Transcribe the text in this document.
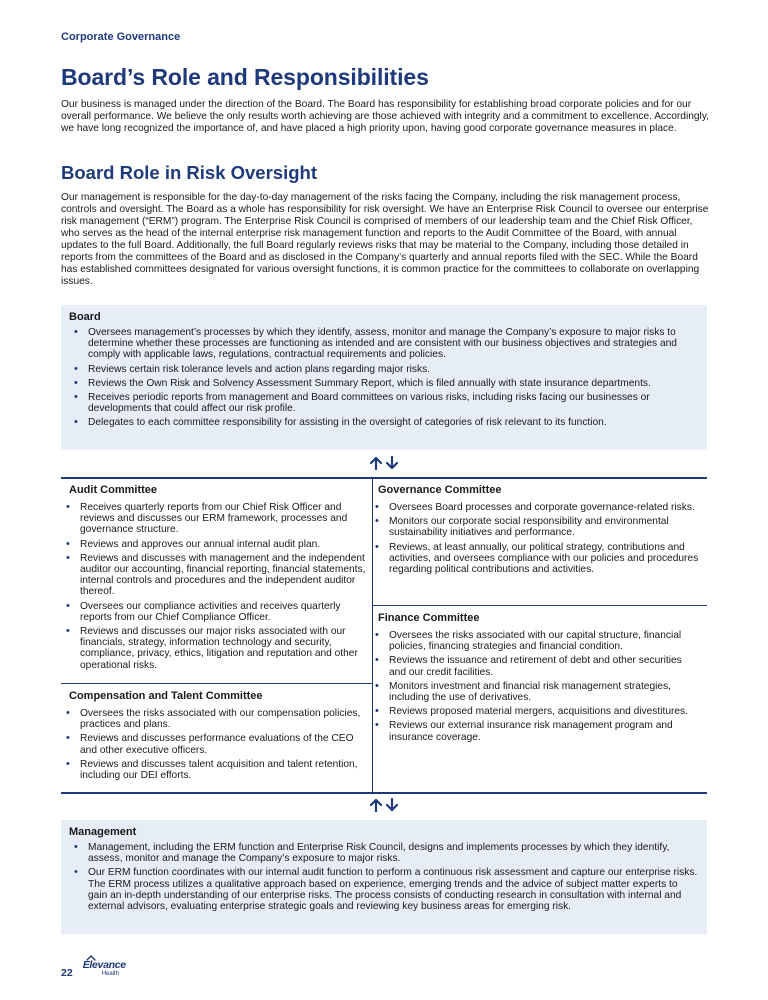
Corporate Governance
Board’s Role and Responsibilities

Our business is managed under the direction of the Board. The Board has responsibility for establishing broad corporate policies and for our overall performance. We believe the only results worth achieving are those achieved with integrity and a commitment to excellence. Accordingly, we have long recognized the importance of, and have placed a high priority upon, having good corporate governance measures in place.

Board Role in Risk Oversight

Our management is responsible for the day-to-day management of the risks facing the Company, including the risk management process, controls and oversight. The Board as a whole has responsibility for risk oversight. We have an Enterprise Risk Council to oversee our enterprise risk management (“ERM”) program. The Enterprise Risk Council is comprised of members of our leadership team and the Chief Risk Officer, who serves as the head of the internal enterprise risk management function and reports to the Audit Committee of the Board, with annual updates to the full Board. Additionally, the full Board regularly reviews risks that may be material to the Company, including those detailed in reports from the committees of the Board and as disclosed in the Company’s quarterly and annual reports filed with the SEC. While the Board has established committees designated for various oversight functions, it is common practice for the committees to collaborate on overlapping issues.

Board
• Oversees management’s processes by which they identify, assess, monitor and manage the Company’s exposure to major risks to determine whether these processes are functioning as intended and are consistent with our business objectives and strategies and comply with applicable laws, regulations, contractual requirements and policies.
• Reviews certain risk tolerance levels and action plans regarding major risks.
• Reviews the Own Risk and Solvency Assessment Summary Report, which is filed annually with state insurance departments.
• Receives periodic reports from management and Board committees on various risks, including risks facing our businesses or developments that could affect our risk profile.
• Delegates to each committee responsibility for assisting in the oversight of categories of risk relevant to its function.
Audit Committee
• Receives quarterly reports from our Chief Risk Officer and reviews and discusses our ERM framework, processes and governance structure.
• Reviews and approves our annual internal audit plan.
• Reviews and discusses with management and the independent auditor our accounting, financial reporting, financial statements, internal controls and procedures and the independent auditor thereof.
• Oversees our compliance activities and receives quarterly reports from our Chief Compliance Officer.
• Reviews and discusses our major risks associated with our financials, strategy, information technology and security, compliance, privacy, ethics, litigation and reputation and other operational risks.
Compensation and Talent Committee
• Oversees the risks associated with our compensation policies, practices and plans.
• Reviews and discusses performance evaluations of the CEO and other executive officers.
• Reviews and discusses talent acquisition and talent retention, including our DEI efforts.
Governance Committee
• Oversees Board processes and corporate governance-related risks.
• Monitors our corporate social responsibility and environmental sustainability initiatives and performance.
• Reviews, at least annually, our political strategy, contributions and activities, and oversees compliance with our policies and procedures regarding political contributions and activities.
Finance Committee
• Oversees the risks associated with our capital structure, financial policies, financing strategies and financial condition.
• Reviews the issuance and retirement of debt and other securities and our credit facilities.
• Monitors investment and financial risk management strategies, including the use of derivatives.
• Reviews proposed material mergers, acquisitions and divestitures.
• Reviews our external insurance risk management program and insurance coverage.
Management
• Management, including the ERM function and Enterprise Risk Council, designs and implements processes by which they identify, assess, monitor and manage the Company’s exposure to major risks.
• Our ERM function coordinates with our internal audit function to perform a continuous risk assessment and capture our enterprise risks. The ERM process utilizes a qualitative approach based on experience, emerging trends and the advice of subject matter experts to gain an in-depth understanding of our enterprise risks. The process consists of conducting research in consultation with internal and external advisors, evaluating enterprise strategic goals and reviewing key business areas for emerging risk.
22
Elevance
Health
